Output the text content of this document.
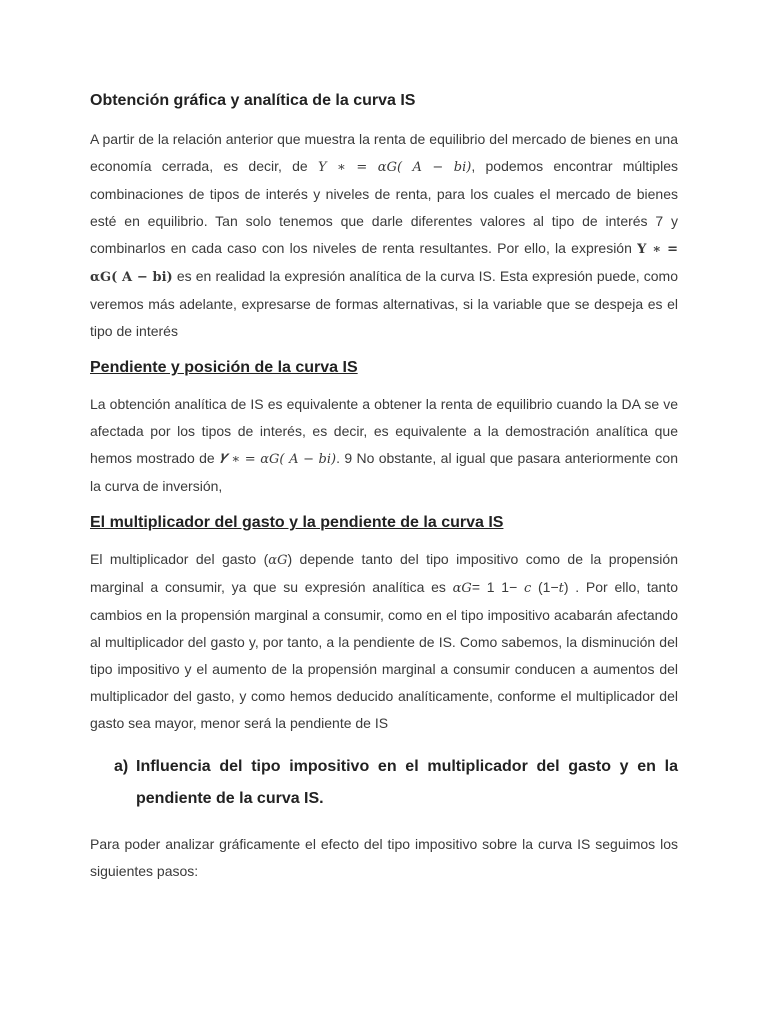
Obtención gráfica y analítica de la curva IS
A partir de la relación anterior que muestra la renta de equilibrio del mercado de bienes en una economía cerrada, es decir, de 𝑌 ∗ = 𝛼𝐺( A − 𝑏𝑖), podemos encontrar múltiples combinaciones de tipos de interés y niveles de renta, para los cuales el mercado de bienes esté en equilibrio. Tan solo tenemos que darle diferentes valores al tipo de interés 7 y combinarlos en cada caso con los niveles de renta resultantes. Por ello, la expresión 𝐘 ∗ = 𝛂𝐆( A − 𝐛𝐢) es en realidad la expresión analítica de la curva IS. Esta expresión puede, como veremos más adelante, expresarse de formas alternativas, si la variable que se despeja es el tipo de interés
Pendiente y posición de la curva IS
La obtención analítica de IS es equivalente a obtener la renta de equilibrio cuando la DA se ve afectada por los tipos de interés, es decir, es equivalente a la demostración analítica que hemos mostrado de 𝒀 ∗ = 𝛼𝐺( A − 𝑏𝑖). 9 No obstante, al igual que pasara anteriormente con la curva de inversión,
El multiplicador del gasto y la pendiente de la curva IS
El multiplicador del gasto (𝛼𝐺) depende tanto del tipo impositivo como de la propensión marginal a consumir, ya que su expresión analítica es 𝛼𝐺= 1 1− 𝑐 (1−𝑡) . Por ello, tanto cambios en la propensión marginal a consumir, como en el tipo impositivo acabarán afectando al multiplicador del gasto y, por tanto, a la pendiente de IS. Como sabemos, la disminución del tipo impositivo y el aumento de la propensión marginal a consumir conducen a aumentos del multiplicador del gasto, y como hemos deducido analíticamente, conforme el multiplicador del gasto sea mayor, menor será la pendiente de IS
a) Influencia del tipo impositivo en el multiplicador del gasto y en la pendiente de la curva IS.
Para poder analizar gráficamente el efecto del tipo impositivo sobre la curva IS seguimos los siguientes pasos:
